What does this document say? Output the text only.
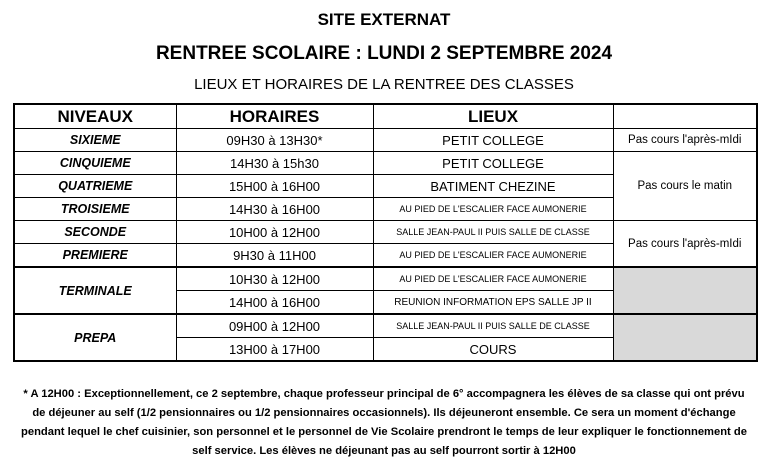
SITE EXTERNAT
RENTREE SCOLAIRE : LUNDI 2 SEPTEMBRE 2024
LIEUX ET HORAIRES DE LA RENTREE DES CLASSES
NIVEAUX	HORAIRES	LIEUX	
SIXIEME	09H30 à 13H30*	PETIT COLLEGE	Pas cours l'après-mIdi
CINQUIEME	14H30 à 15h30	PETIT COLLEGE	Pas cours le matin
QUATRIEME	15H00 à 16H00	BATIMENT CHEZINE	
TROISIEME	14H30 à 16H00	AU PIED DE L'ESCALIER FACE AUMONERIE	
SECONDE	10H00 à 12H00	SALLE JEAN-PAUL II PUIS SALLE DE CLASSE	Pas cours l'après-mIdi
PREMIERE	9H30 à 11H00	AU PIED DE L'ESCALIER FACE AUMONERIE	
TERMINALE	10H30 à 12H00	AU PIED DE L'ESCALIER FACE AUMONERIE	
	14H00 à 16H00	REUNION INFORMATION EPS SALLE JP II	
PREPA	09H00 à 12H00	SALLE JEAN-PAUL II PUIS SALLE DE CLASSE	
	13H00 à 17H00	COURS	
* A 12H00 : Exceptionnellement, ce 2 septembre, chaque professeur principal de 6° accompagnera les élèves de sa classe qui ont prévu de déjeuner au self (1/2 pensionnaires ou 1/2 pensionnaires occasionnels). Ils déjeuneront ensemble. Ce sera un moment d'échange pendant lequel le chef cuisinier, son personnel et le personnel de Vie Scolaire prendront le temps de leur expliquer le fonctionnement de self service. Les élèves ne déjeunant pas au self pourront sortir à 12H00
